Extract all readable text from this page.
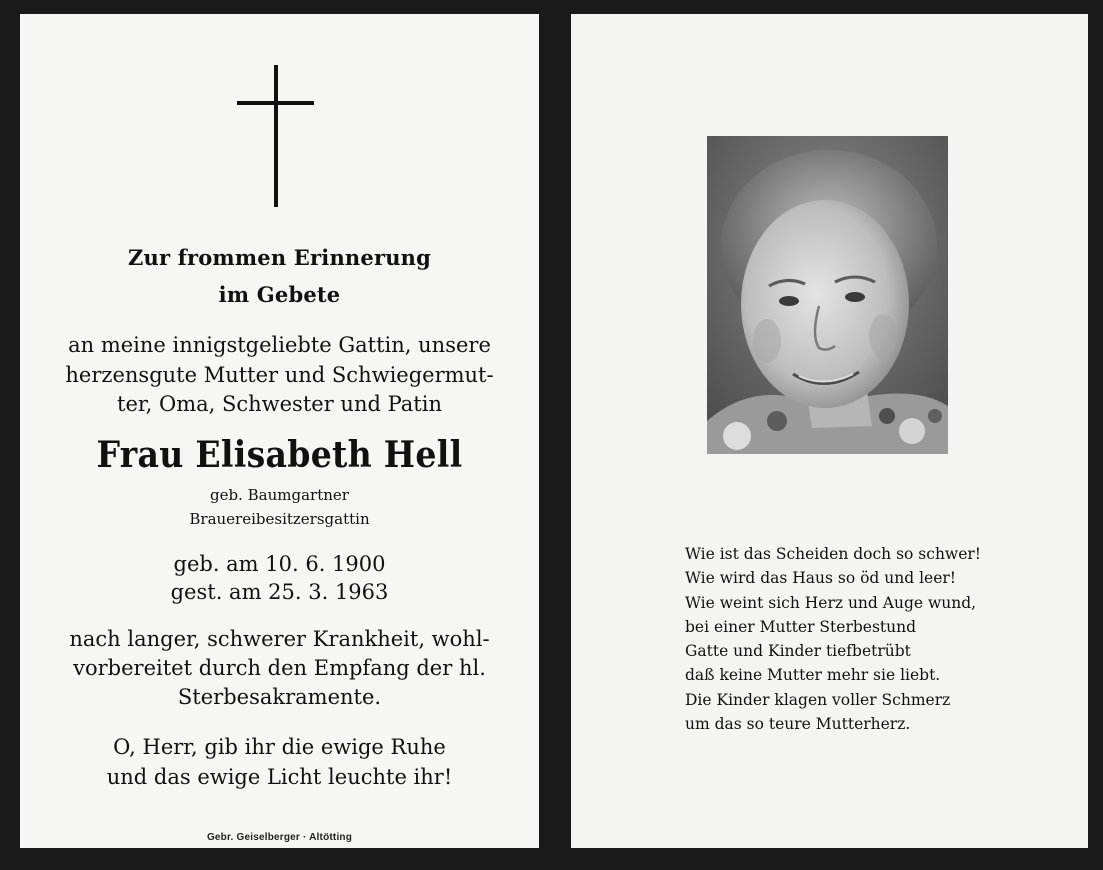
Zur frommen Erinnerung
im Gebete
an meine innigstgeliebte Gattin, unsere
herzensgute Mutter und Schwiegermut-
ter, Oma, Schwester und Patin
Frau Elisabeth Hell
geb. Baumgartner
Brauereibesitzersgattin
geb. am 10. 6. 1900
gest. am 25. 3. 1963
nach langer, schwerer Krankheit, wohl-
vorbereitet durch den Empfang der hl.
Sterbesakramente.
O, Herr, gib ihr die ewige Ruhe
und das ewige Licht leuchte ihr!
Gebr. Geiselberger · Altötting
Wie ist das Scheiden doch so schwer!
Wie wird das Haus so öd und leer!
Wie weint sich Herz und Auge wund,
bei einer Mutter Sterbestund
Gatte und Kinder tiefbetrübt
daß keine Mutter mehr sie liebt.
Die Kinder klagen voller Schmerz
um das so teure Mutterherz.
